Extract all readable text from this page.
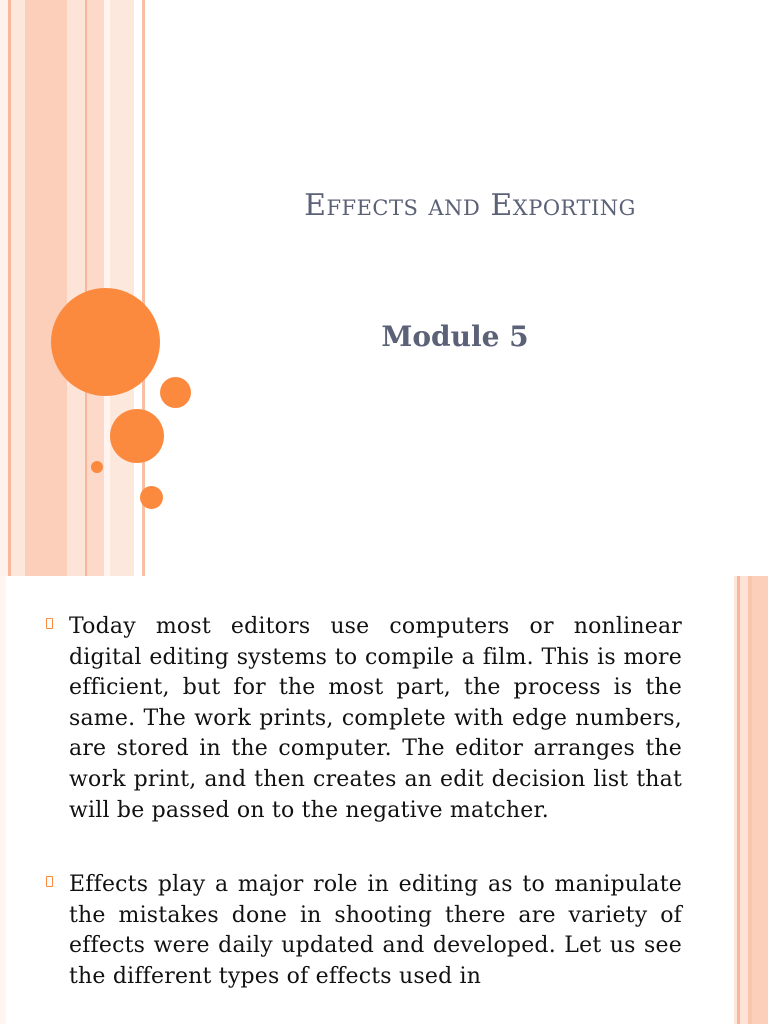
Effects and Exporting
Module 5
Today most editors use computers or nonlinear digital editing systems to compile a film. This is more efficient, but for the most part, the process is the same. The work prints, complete with edge numbers, are stored in the computer. The editor arranges the work print, and then creates an edit decision list that will be passed on to the negative matcher.
Effects play a major role in editing as to manipulate the mistakes done in shooting there are variety of effects were daily updated and developed. Let us see the different types of effects used in
